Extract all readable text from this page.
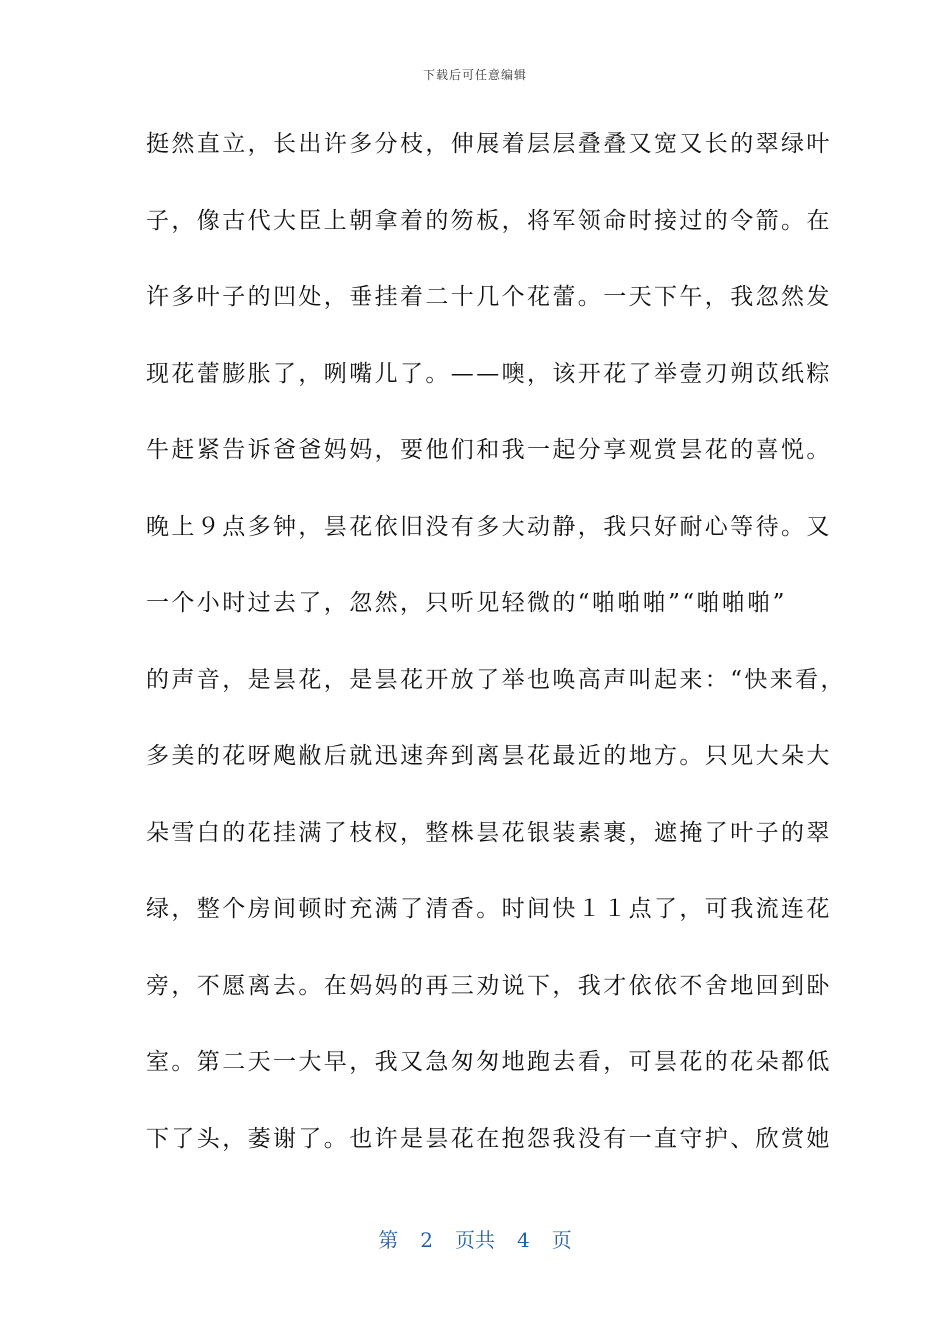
下载后可任意编辑
挺然直立，长出许多分枝，伸展着层层叠叠又宽又长的翠绿叶
子，像古代大臣上朝拿着的笏板，将军领命时接过的令箭。在
许多叶子的凹处，垂挂着二十几个花蕾。一天下午，我忽然发
现花蕾膨胀了，咧嘴儿了。——噢，该开花了举壹刃朔苡纸粽
牛赶紧告诉爸爸妈妈，要他们和我一起分享观赏昙花的喜悦。
晚上９点多钟，昙花依旧没有多大动静，我只好耐心等待。又
一个小时过去了，忽然，只听见轻微的“啪啪啪”“啪啪啪”
的声音，是昙花，是昙花开放了举也唤高声叫起来：“快来看，
多美的花呀飑敝后就迅速奔到离昙花最近的地方。只见大朵大
朵雪白的花挂满了枝杈，整株昙花银装素裹，遮掩了叶子的翠
绿，整个房间顿时充满了清香。时间快１１点了，可我流连花
旁，不愿离去。在妈妈的再三劝说下，我才依依不舍地回到卧
室。第二天一大早，我又急匆匆地跑去看，可昙花的花朵都低
下了头，萎谢了。也许是昙花在抱怨我没有一直守护、欣赏她
第 2 页共 4 页
